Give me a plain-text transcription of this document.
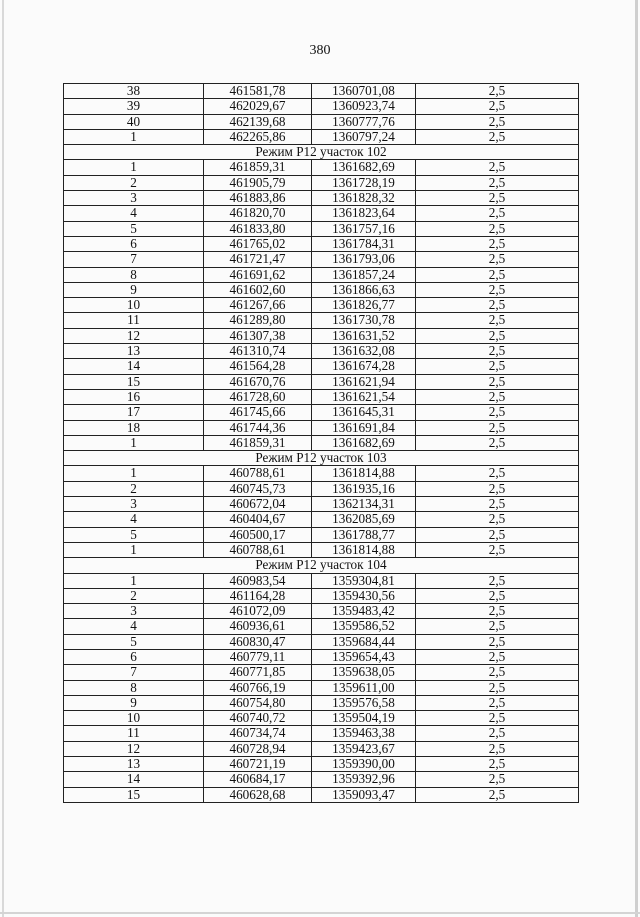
380
38	461581,78	1360701,08	2,5
39	462029,67	1360923,74	2,5
40	462139,68	1360777,76	2,5
1	462265,86	1360797,24	2,5
Режим Р12 участок 102			
1	461859,31	1361682,69	2,5
2	461905,79	1361728,19	2,5
3	461883,86	1361828,32	2,5
4	461820,70	1361823,64	2,5
5	461833,80	1361757,16	2,5
6	461765,02	1361784,31	2,5
7	461721,47	1361793,06	2,5
8	461691,62	1361857,24	2,5
9	461602,60	1361866,63	2,5
10	461267,66	1361826,77	2,5
11	461289,80	1361730,78	2,5
12	461307,38	1361631,52	2,5
13	461310,74	1361632,08	2,5
14	461564,28	1361674,28	2,5
15	461670,76	1361621,94	2,5
16	461728,60	1361621,54	2,5
17	461745,66	1361645,31	2,5
18	461744,36	1361691,84	2,5
1	461859,31	1361682,69	2,5
Режим Р12 участок 103			
1	460788,61	1361814,88	2,5
2	460745,73	1361935,16	2,5
3	460672,04	1362134,31	2,5
4	460404,67	1362085,69	2,5
5	460500,17	1361788,77	2,5
1	460788,61	1361814,88	2,5
Режим Р12 участок 104			
1	460983,54	1359304,81	2,5
2	461164,28	1359430,56	2,5
3	461072,09	1359483,42	2,5
4	460936,61	1359586,52	2,5
5	460830,47	1359684,44	2,5
6	460779,11	1359654,43	2,5
7	460771,85	1359638,05	2,5
8	460766,19	1359611,00	2,5
9	460754,80	1359576,58	2,5
10	460740,72	1359504,19	2,5
11	460734,74	1359463,38	2,5
12	460728,94	1359423,67	2,5
13	460721,19	1359390,00	2,5
14	460684,17	1359392,96	2,5
15	460628,68	1359093,47	2,5
